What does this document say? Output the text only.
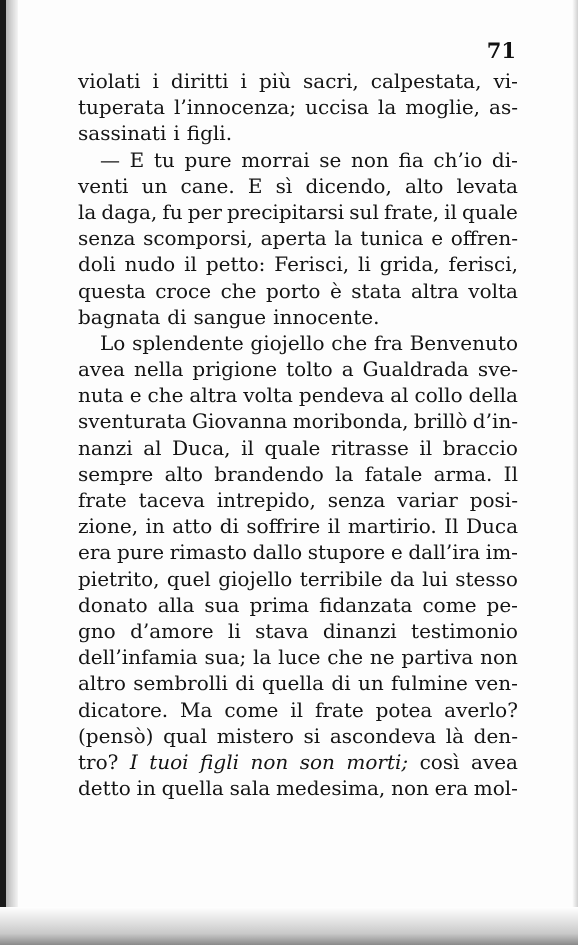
71

violati i diritti i più sacri, calpestata, vi-
tuperata l’innocenza; uccisa la moglie, as-
sassinati i figli.
— E tu pure morrai se non fia ch’io di-
venti un cane. E sì dicendo, alto levata
la daga, fu per precipitarsi sul frate, il quale
senza scomporsi, aperta la tunica e offren-
doli nudo il petto: Ferisci, li grida, ferisci,
questa croce che porto è stata altra volta
bagnata di sangue innocente.
Lo splendente giojello che fra Benvenuto
avea nella prigione tolto a Gualdrada sve-
nuta e che altra volta pendeva al collo della
sventurata Giovanna moribonda, brillò d’in-
nanzi al Duca, il quale ritrasse il braccio
sempre alto brandendo la fatale arma. Il
frate taceva intrepido, senza variar posi-
zione, in atto di soffrire il martirio. Il Duca
era pure rimasto dallo stupore e dall’ira im-
pietrito, quel giojello terribile da lui stesso
donato alla sua prima fidanzata come pe-
gno d’amore li stava dinanzi testimonio
dell’infamia sua; la luce che ne partiva non
altro sembrolli di quella di un fulmine ven-
dicatore. Ma come il frate potea averlo?
(pensò) qual mistero si ascondeva là den-
tro? I tuoi figli non son morti; così avea
detto in quella sala medesima, non era mol-
